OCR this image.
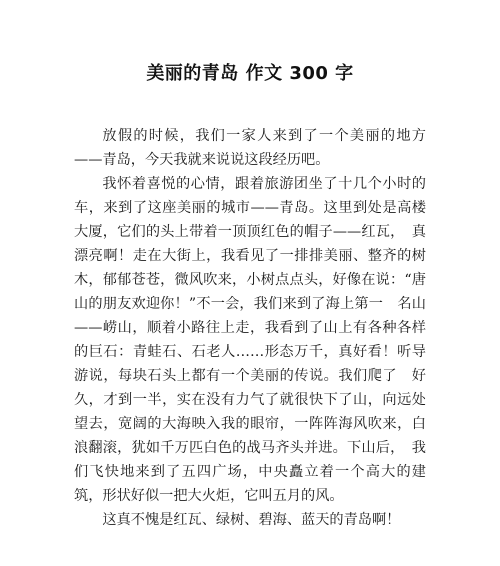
美丽的青岛 作文 300 字

放假的时候，我们一家人来到了一个美丽的地方——青岛，今天我就来说说这段经历吧。

我怀着喜悦的心情，跟着旅游团坐了十几个小时的车，来到了这座美丽的城市——青岛。这里到处是高楼大厦，它们的头上带着一顶顶红色的帽子——红瓦，　真漂亮啊！走在大街上，我看见了一排排美丽、整齐的树木，郁郁苍苍，微风吹来，小树点点头，好像在说：“唐山的朋友欢迎你！”不一会，我们来到了海上第一　名山——崂山，顺着小路往上走，我看到了山上有各种各样的巨石：青蛙石、石老人……形态万千，真好看！听导游说，每块石头上都有一个美丽的传说。我们爬了　好久，才到一半，实在没有力气了就很快下了山，向远处望去，宽阔的大海映入我的眼帘，一阵阵海风吹来，白浪翻滚，犹如千万匹白色的战马齐头并进。下山后，　我们飞快地来到了五四广场，中央矗立着一个高大的建筑，形状好似一把大火炬，它叫五月的风。

这真不愧是红瓦、绿树、碧海、蓝天的青岛啊！
